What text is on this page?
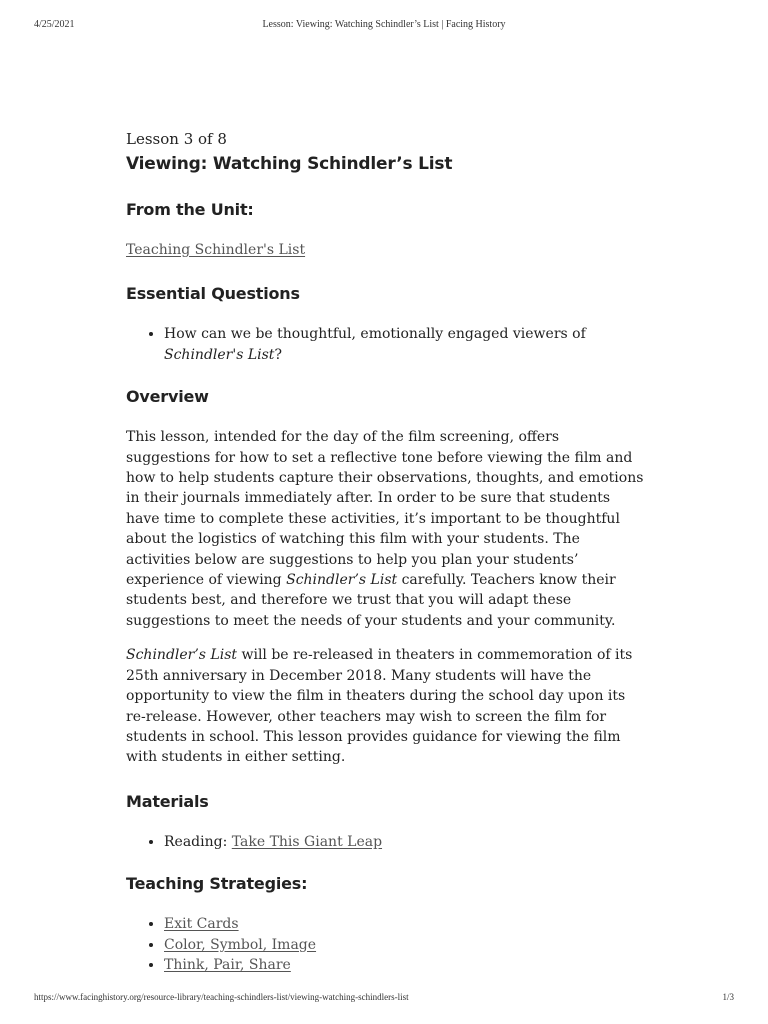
4/25/2021	Lesson: Viewing: Watching Schindler’s List | Facing History

Lesson 3 of 8

Viewing: Watching Schindler’s List
From the Unit:

Teaching Schindler's List

Essential Questions
• How can we be thoughtful, emotionally engaged viewers of Schindler's List?
Overview

This lesson, intended for the day of the film screening, offers suggestions for how to set a reflective tone before viewing the film and how to help students capture their observations, thoughts, and emotions in their journals immediately after. In order to be sure that students have time to complete these activities, it’s important to be thoughtful about the logistics of watching this film with your students. The activities below are suggestions to help you plan your students’ experience of viewing Schindler’s List carefully. Teachers know their students best, and therefore we trust that you will adapt these suggestions to meet the needs of your students and your community.

Schindler’s List will be re-released in theaters in commemoration of its 25th anniversary in December 2018. Many students will have the opportunity to view the film in theaters during the school day upon its re-release. However, other teachers may wish to screen the film for students in school. This lesson provides guidance for viewing the film with students in either setting.

Materials
• Reading: Take This Giant Leap
Teaching Strategies:
• Exit Cards
• Color, Symbol, Image
• Think, Pair, Share
https://www.facinghistory.org/resource-library/teaching-schindlers-list/viewing-watching-schindlers-list	1/3
